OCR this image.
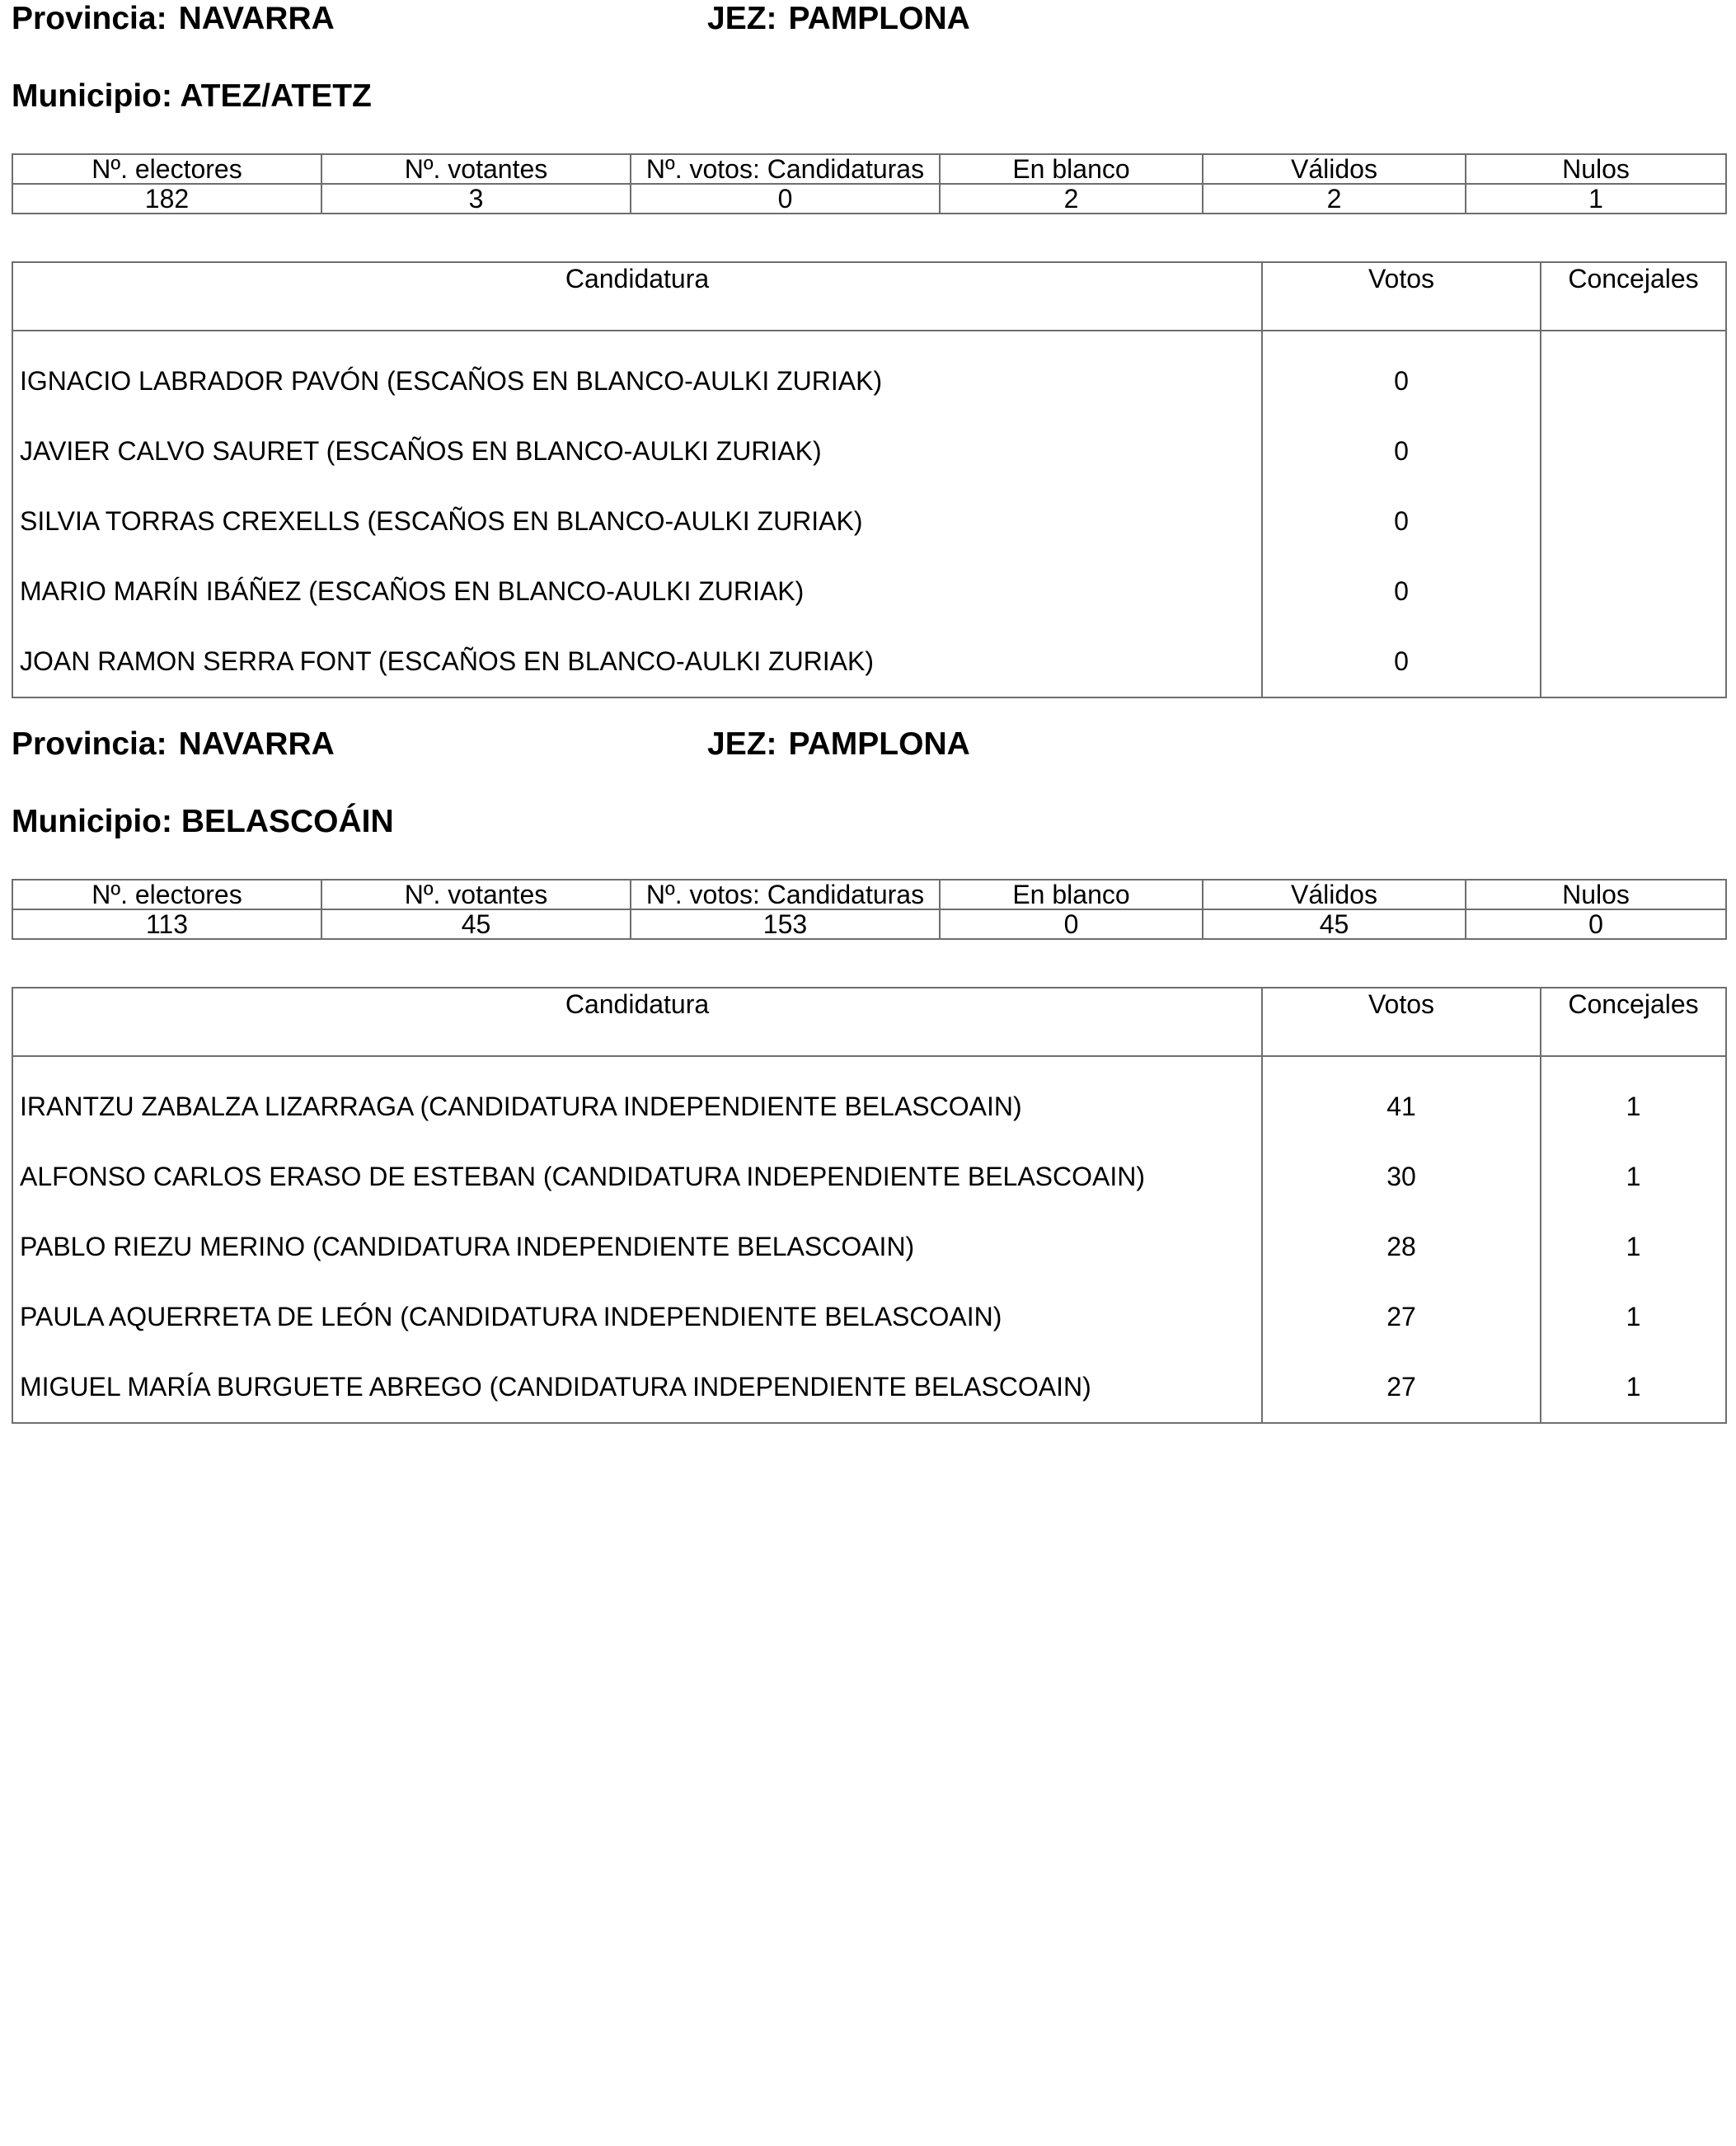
Provincia: NAVARRA	JEZ: PAMPLONA
Municipio: ATEZ/ATETZ
Nº. electores	Nº. votantes	Nº. votos: Candidaturas	En blanco	Válidos	Nulos
182	3	0	2	2	1
Candidatura	Votos	Concejales
IGNACIO LABRADOR PAVÓN (ESCAÑOS EN BLANCO-AULKI ZURIAK)	0	
JAVIER CALVO SAURET (ESCAÑOS EN BLANCO-AULKI ZURIAK)	0	
SILVIA TORRAS CREXELLS (ESCAÑOS EN BLANCO-AULKI ZURIAK)	0	
MARIO MARÍN IBÁÑEZ (ESCAÑOS EN BLANCO-AULKI ZURIAK)	0	
JOAN RAMON SERRA FONT (ESCAÑOS EN BLANCO-AULKI ZURIAK)	0	
Provincia: NAVARRA	JEZ: PAMPLONA
Municipio: BELASCOÁIN
Nº. electores	Nº. votantes	Nº. votos: Candidaturas	En blanco	Válidos	Nulos
113	45	153	0	45	0
Candidatura	Votos	Concejales
IRANTZU ZABALZA LIZARRAGA (CANDIDATURA INDEPENDIENTE BELASCOAIN)	41	1
ALFONSO CARLOS ERASO DE ESTEBAN (CANDIDATURA INDEPENDIENTE BELASCOAIN)	30	1
PABLO RIEZU MERINO (CANDIDATURA INDEPENDIENTE BELASCOAIN)	28	1
PAULA AQUERRETA DE LEÓN (CANDIDATURA INDEPENDIENTE BELASCOAIN)	27	1
MIGUEL MARÍA BURGUETE ABREGO (CANDIDATURA INDEPENDIENTE BELASCOAIN)	27	1
